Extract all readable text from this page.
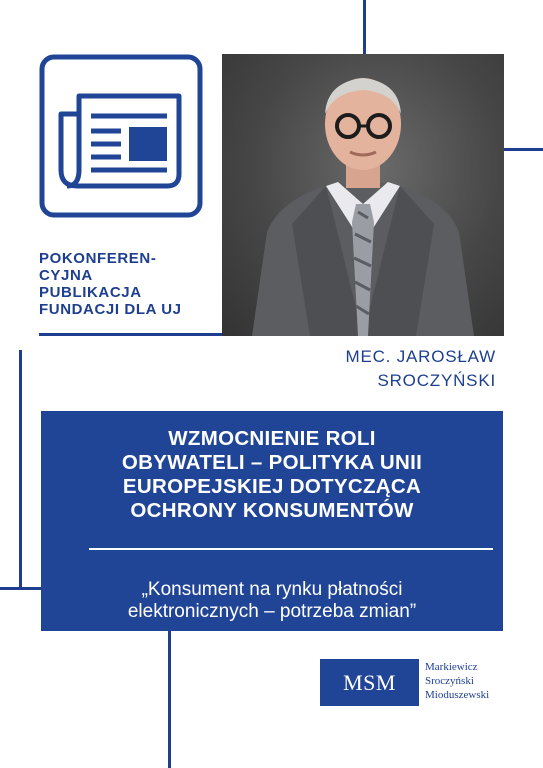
POKONFEREN-
CYJNA
PUBLIKACJA
FUNDACJI DLA UJ

MEC. JAROSŁAW
SROCZYŃSKI
WZMOCNIENIE ROLI
OBYWATELI – POLITYKA UNII
EUROPEJSKIEJ DOTYCZĄCA
OCHRONY KONSUMENTÓW

„Konsument na rynku płatności
elektronicznych – potrzeba zmian”

MSM
Markiewicz
Sroczyński
Mioduszewski
